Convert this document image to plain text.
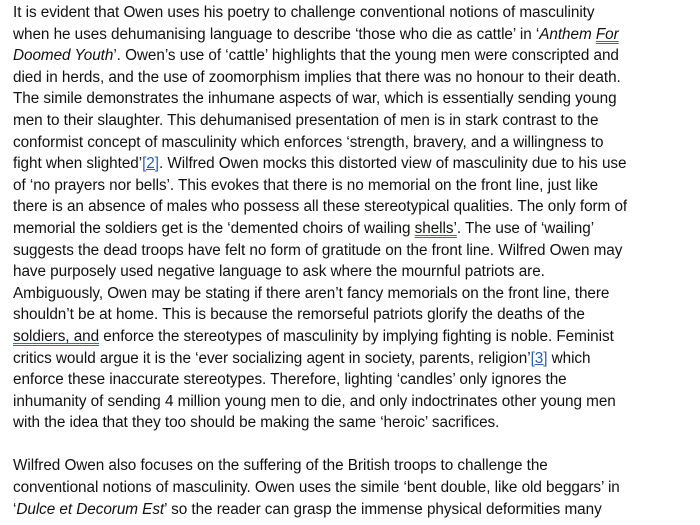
It is evident that Owen uses his poetry to challenge conventional notions of masculinity
when he uses dehumanising language to describe ‘those who die as cattle’ in ‘Anthem For
Doomed Youth’. Owen’s use of ‘cattle’ highlights that the young men were conscripted and
died in herds, and the use of zoomorphism implies that there was no honour to their death.
The simile demonstrates the inhumane aspects of war, which is essentially sending young
men to their slaughter. This dehumanised presentation of men is in stark contrast to the
conformist concept of masculinity which enforces ‘strength, bravery, and a willingness to
fight when slighted’[2]. Wilfred Owen mocks this distorted view of masculinity due to his use
of ‘no prayers nor bells’. This evokes that there is no memorial on the front line, just like
there is an absence of males who possess all these stereotypical qualities. The only form of
memorial the soldiers get is the ‘demented choirs of wailing shells’. The use of ‘wailing’
suggests the dead troops have felt no form of gratitude on the front line. Wilfred Owen may
have purposely used negative language to ask where the mournful patriots are.
Ambiguously, Owen may be stating if there aren’t fancy memorials on the front line, there
shouldn’t be at home. This is because the remorseful patriots glorify the deaths of the
soldiers, and enforce the stereotypes of masculinity by implying fighting is noble. Feminist
critics would argue it is the ‘ever socializing agent in society, parents, religion’[3] which
enforce these inaccurate stereotypes. Therefore, lighting ‘candles’ only ignores the
inhumanity of sending 4 million young men to die, and only indoctrinates other young men
with the idea that they too should be making the same ‘heroic’ sacrifices.
Wilfred Owen also focuses on the suffering of the British troops to challenge the
conventional notions of masculinity. Owen uses the simile ‘bent double, like old beggars’ in
‘Dulce et Decorum Est’ so the reader can grasp the immense physical deformities many
